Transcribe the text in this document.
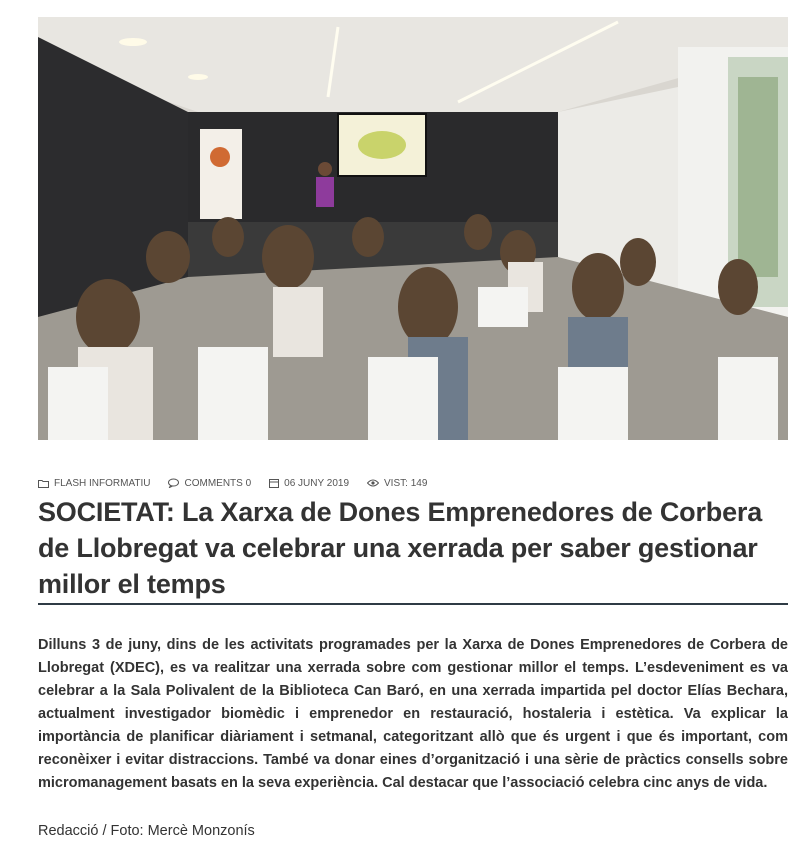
FLASH INFORMATIU	COMMENTS 0	06 JUNY 2019	VIST: 149
SOCIETAT: La Xarxa de Dones Emprenedores de Corbera de Llobregat va celebrar una xerrada per saber gestionar millor el temps

Dilluns 3 de juny, dins de les activitats programades per la Xarxa de Dones Emprenedores de Corbera de Llobregat (XDEC), es va realitzar una xerrada sobre com gestionar millor el temps. L’esdeveniment es va celebrar a la Sala Polivalent de la Biblioteca Can Baró, en una xerrada impartida pel doctor Elías Bechara, actualment investigador biomèdic i emprenedor en restauració, hostaleria i estètica. Va explicar la importància de planificar diàriament i setmanal, categoritzant allò que és urgent i que és important, com reconèixer i evitar distraccions. També va donar eines d’organització i una sèrie de pràctics consells sobre micromanagement basats en la seva experiència. Cal destacar que l’associació celebra cinc anys de vida.

Redacció / Foto: Mercè Monzonís
